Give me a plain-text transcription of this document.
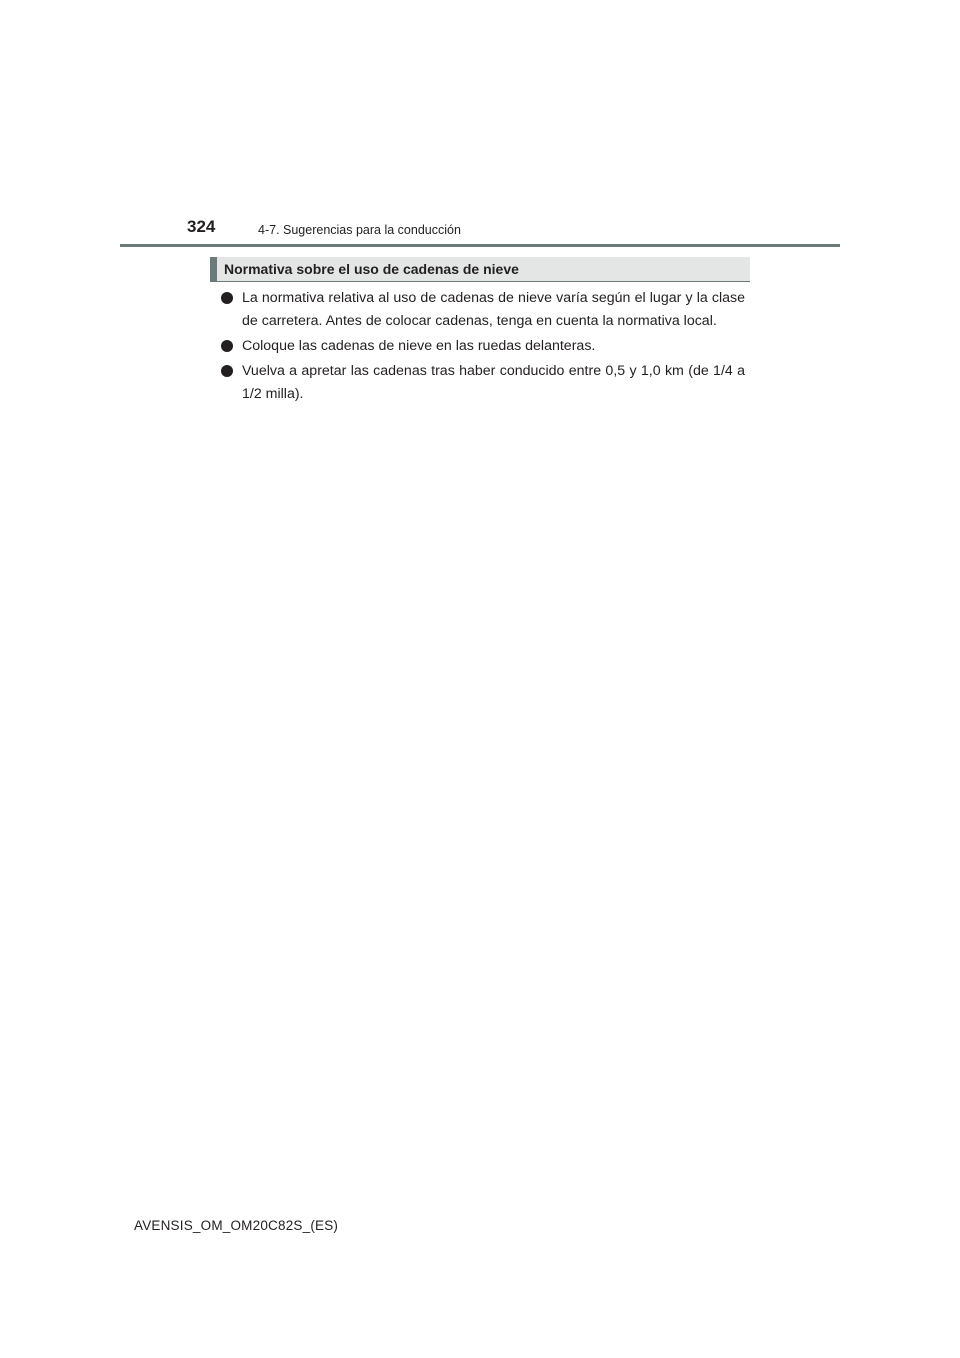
324	4-7. Sugerencias para la conducción
Normativa sobre el uso de cadenas de nieve
La normativa relativa al uso de cadenas de nieve varía según el lugar y la clase de carretera. Antes de colocar cadenas, tenga en cuenta la normativa local.
Coloque las cadenas de nieve en las ruedas delanteras.
Vuelva a apretar las cadenas tras haber conducido entre 0,5 y 1,0 km (de 1/4 a 1/2 milla).
AVENSIS_OM_OM20C82S_(ES)
